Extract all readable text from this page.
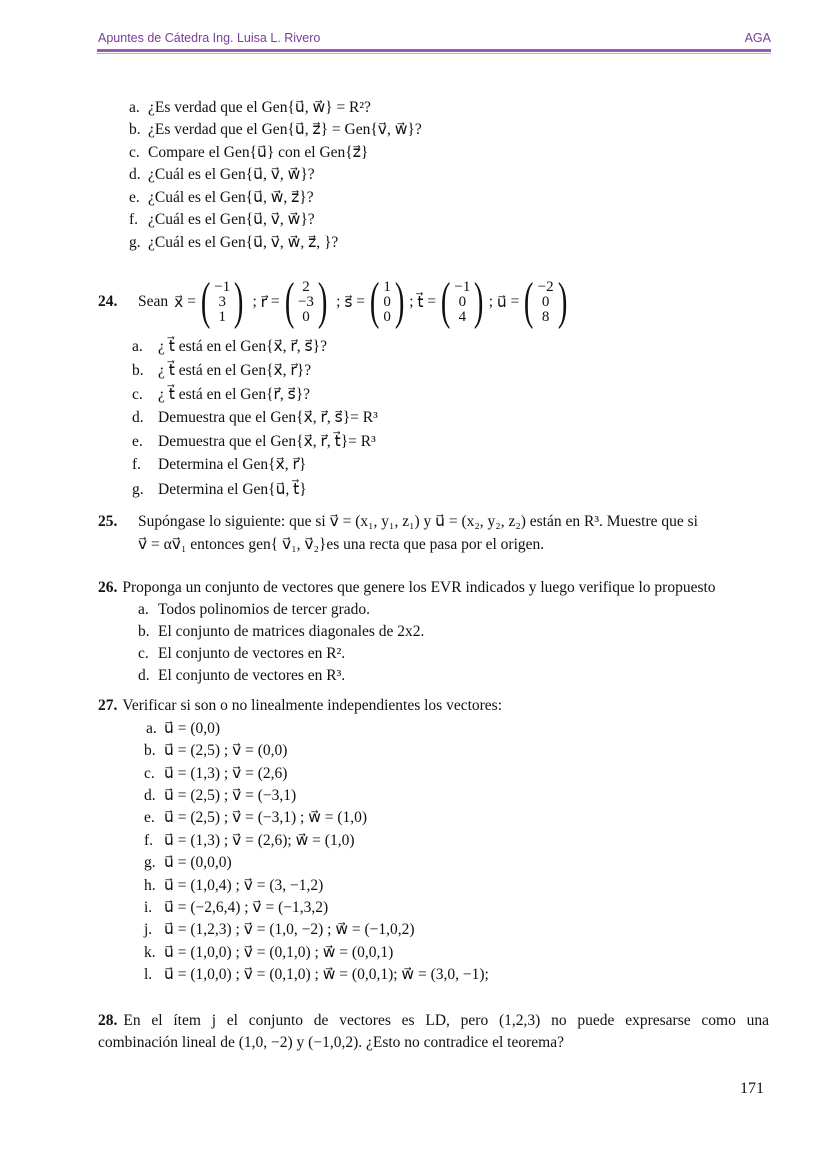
Apuntes de Cátedra Ing. Luisa L. Rivero	AGA
a. ¿Es verdad que el Gen{u⃗, w⃗} = R²?
b. ¿Es verdad que el Gen{u⃗, z⃗} = Gen{v⃗, w⃗}?
c. Compare el Gen{u⃗} con el Gen{z⃗}
d. ¿Cuál es el Gen{u⃗, v⃗, w⃗}?
e. ¿Cuál es el Gen{u⃗, w⃗, z⃗}?
f. ¿Cuál es el Gen{u⃗, v⃗, w⃗}?
g. ¿Cuál es el Gen{u⃗, v⃗, w⃗, z⃗, }?
24.	Sean x⃗ = ( −1
3
1 ) ; r⃗ = ( 2
−3
0 ) ; s⃗ = ( 1
0
0 ) ; t⃗ = ( −1
0
4 ) ; u⃗ = ( −2
0
8 )
a. ¿ t⃗ está en el Gen{x⃗, r⃗, s⃗}?
b. ¿ t⃗ está en el Gen{x⃗, r⃗}?
c. ¿ t⃗ está en el Gen{r⃗, s⃗}?
d. Demuestra que el Gen{x⃗, r⃗, s⃗}= R³
e. Demuestra que el Gen{x⃗, r⃗, t⃗}= R³
f. Determina el Gen{x⃗, r⃗}
g. Determina el Gen{u⃗, t⃗}
25. Supóngase lo siguiente: que si v⃗ = (x₁, y₁, z₁) y u⃗ = (x₂, y₂, z₂) están en R³. Muestre que si
v⃗ = αv⃗₁ entonces gen{ v⃗₁, v⃗₂}es una recta que pasa por el origen.
26. Proponga un conjunto de vectores que genere los EVR indicados y luego verifique lo propuesto
a. Todos polinomios de tercer grado.
b. El conjunto de matrices diagonales de 2x2.
c. El conjunto de vectores en R².
d. El conjunto de vectores en R³.
27. Verificar si son o no linealmente independientes los vectores:
a. u⃗ = (0,0)
b. u⃗ = (2,5) ; v⃗ = (0,0)
c. u⃗ = (1,3) ; v⃗ = (2,6)
d. u⃗ = (2,5) ; v⃗ = (−3,1)
e. u⃗ = (2,5) ; v⃗ = (−3,1) ; w⃗ = (1,0)
f. u⃗ = (1,3) ; v⃗ = (2,6); w⃗ = (1,0)
g. u⃗ = (0,0,0)
h. u⃗ = (1,0,4) ; v⃗ = (3, −1,2)
i. u⃗ = (−2,6,4) ; v⃗ = (−1,3,2)
j. u⃗ = (1,2,3) ; v⃗ = (1,0, −2) ; w⃗ = (−1,0,2)
k. u⃗ = (1,0,0) ; v⃗ = (0,1,0) ; w⃗ = (0,0,1)
l. u⃗ = (1,0,0) ; v⃗ = (0,1,0) ; w⃗ = (0,0,1); w⃗ = (3,0, −1);
28. En el ítem j el conjunto de vectores es LD, pero (1,2,3) no puede expresarse como una
combinación lineal de (1,0, −2) y (−1,0,2). ¿Esto no contradice el teorema?
171
